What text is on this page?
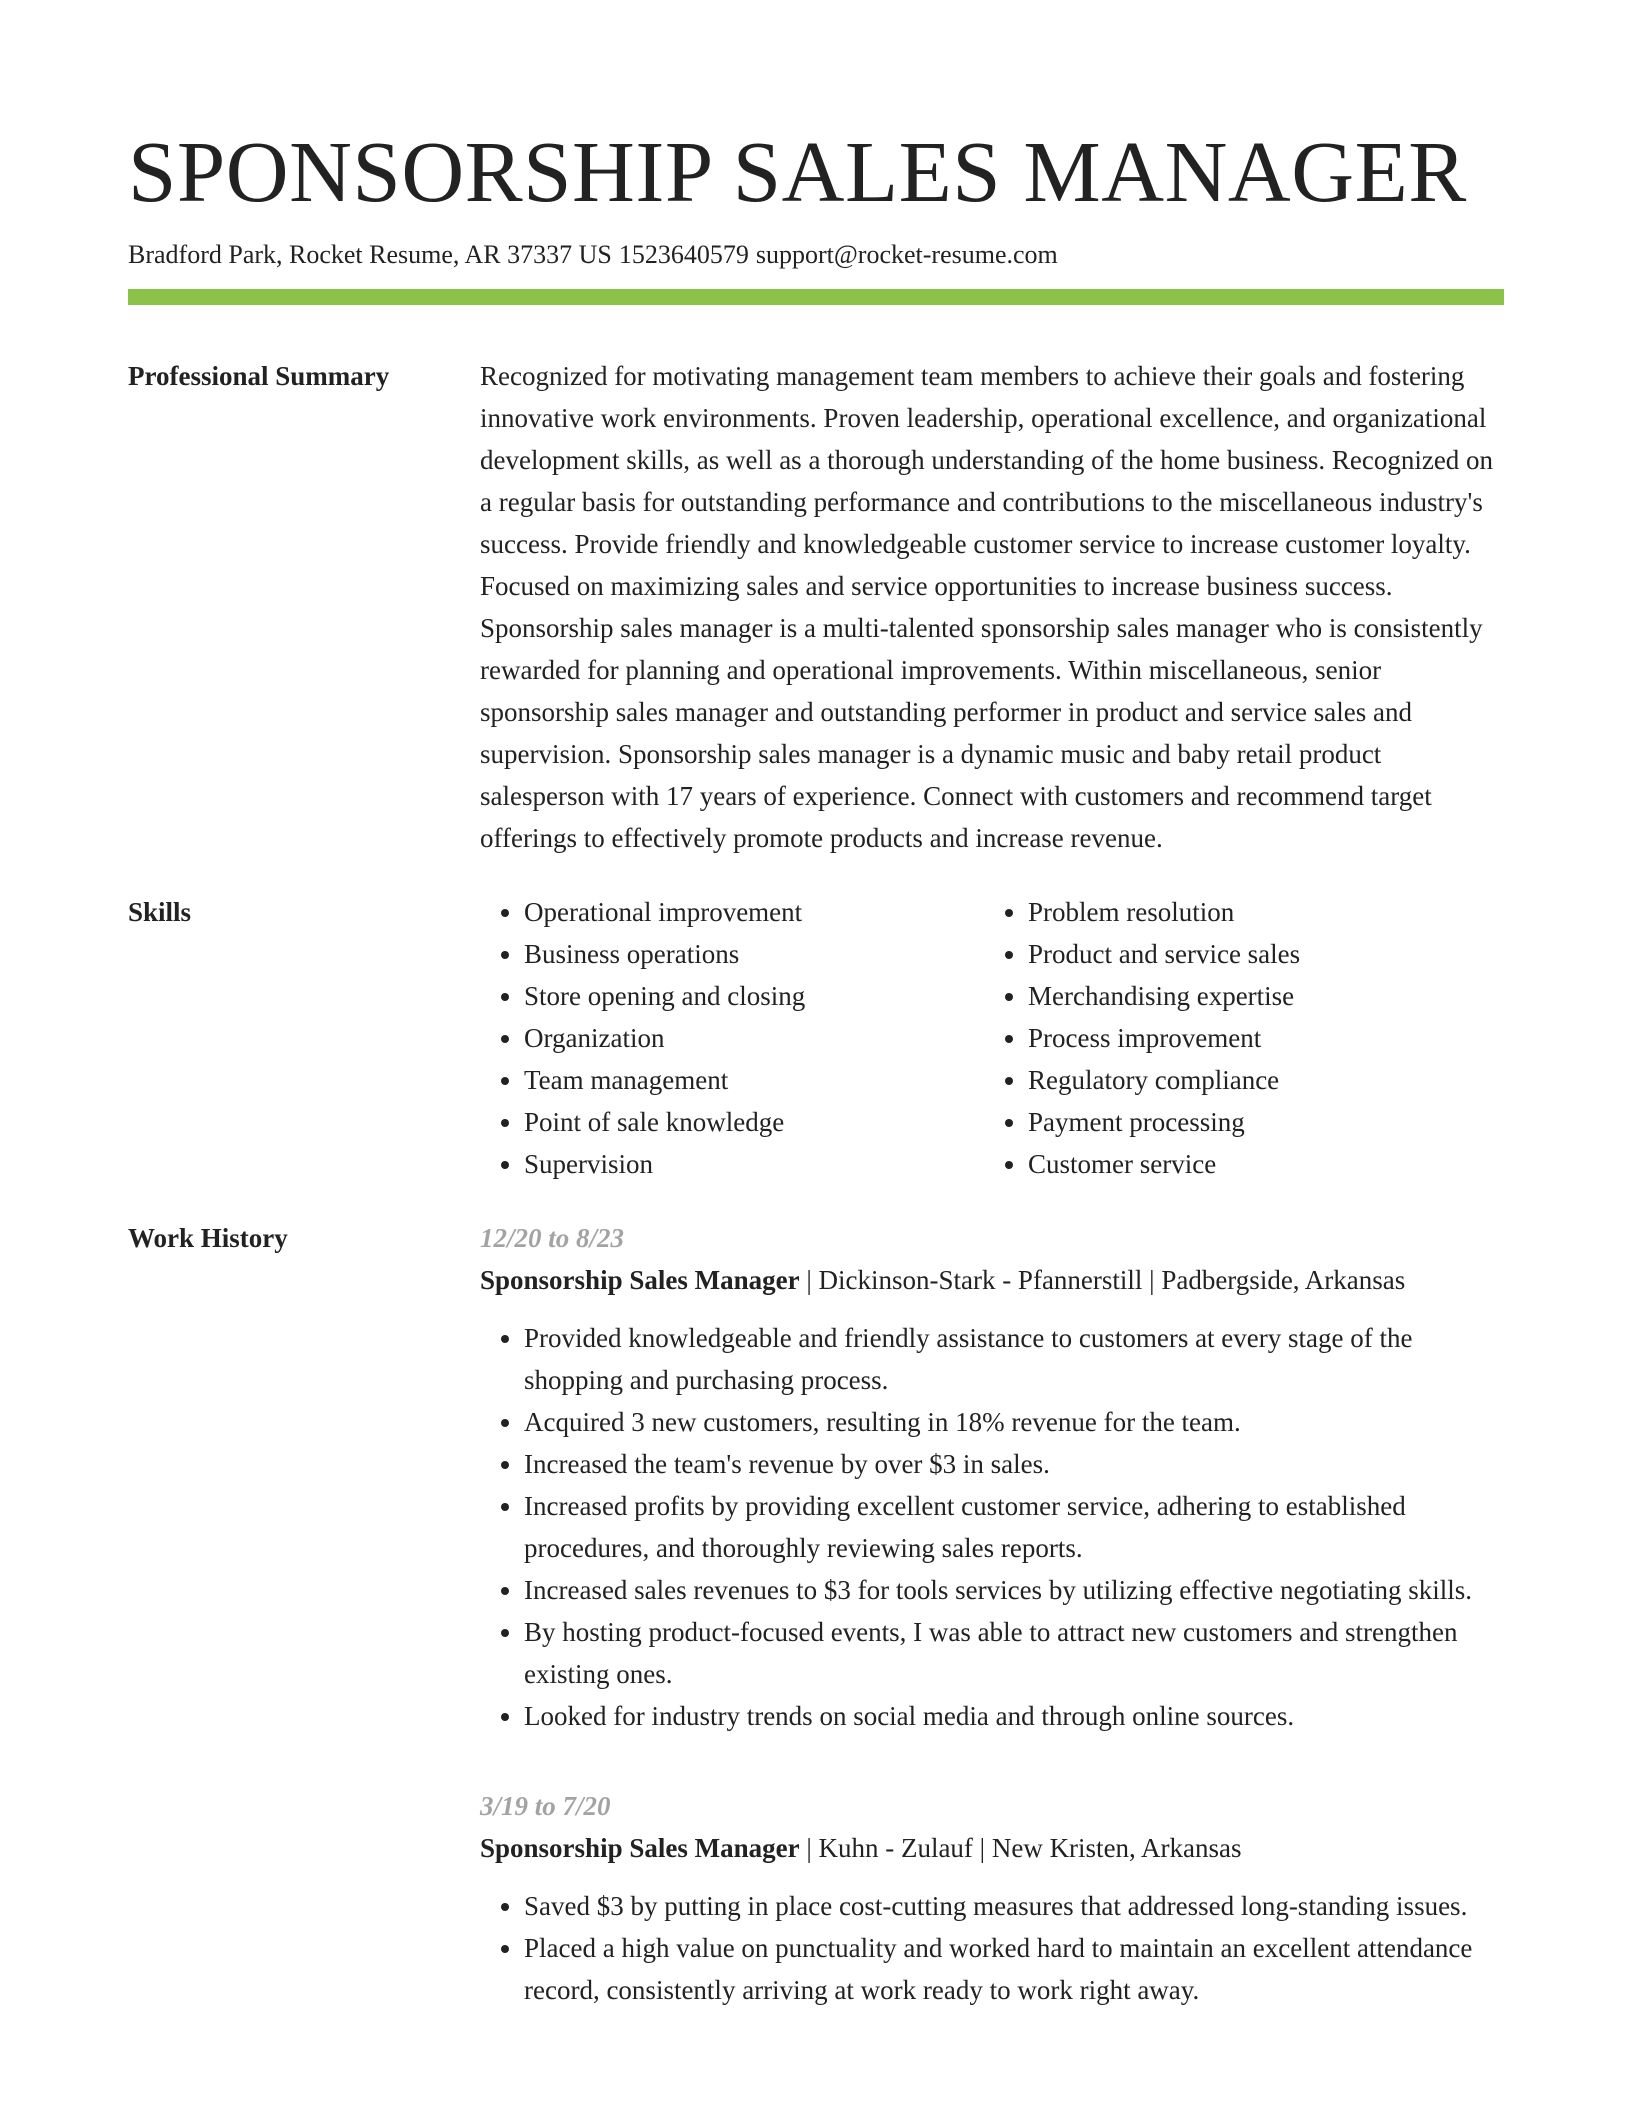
SPONSORSHIP SALES MANAGER
Bradford Park, Rocket Resume, AR 37337 US 1523640579 support@rocket-resume.com
Professional Summary	Recognized for motivating management team members to achieve their goals and fostering innovative work environments. Proven leadership, operational excellence, and organizational development skills, as well as a thorough understanding of the home business. Recognized on a regular basis for outstanding performance and contributions to the miscellaneous industry's success. Provide friendly and knowledgeable customer service to increase customer loyalty. Focused on maximizing sales and service opportunities to increase business success. Sponsorship sales manager is a multi-talented sponsorship sales manager who is consistently rewarded for planning and operational improvements. Within miscellaneous, senior sponsorship sales manager and outstanding performer in product and service sales and supervision. Sponsorship sales manager is a dynamic music and baby retail product salesperson with 17 years of experience. Connect with customers and recommend target offerings to effectively promote products and increase revenue.

Skills
•	Operational improvement
• Business operations
• Store opening and closing
• Organization
• Team management
• Point of sale knowledge
• Supervision
• Problem resolution
• Product and service sales
• Merchandising expertise
• Process improvement
• Regulatory compliance
• Payment processing
• Customer service
Work History	12/20 to 8/23

Sponsorship Sales Manager | Dickinson-Stark - Pfannerstill | Padbergside, Arkansas

• Provided knowledgeable and friendly assistance to customers at every stage of the shopping and purchasing process.
• Acquired 3 new customers, resulting in 18% revenue for the team.
• Increased the team's revenue by over $3 in sales.
• Increased profits by providing excellent customer service, adhering to established procedures, and thoroughly reviewing sales reports.
• Increased sales revenues to $3 for tools services by utilizing effective negotiating skills.
• By hosting product-focused events, I was able to attract new customers and strengthen existing ones.
• Looked for industry trends on social media and through online sources.

3/19 to 7/20

Sponsorship Sales Manager | Kuhn - Zulauf | New Kristen, Arkansas

• Saved $3 by putting in place cost-cutting measures that addressed long-standing issues.
• Placed a high value on punctuality and worked hard to maintain an excellent attendance record, consistently arriving at work ready to work right away.
